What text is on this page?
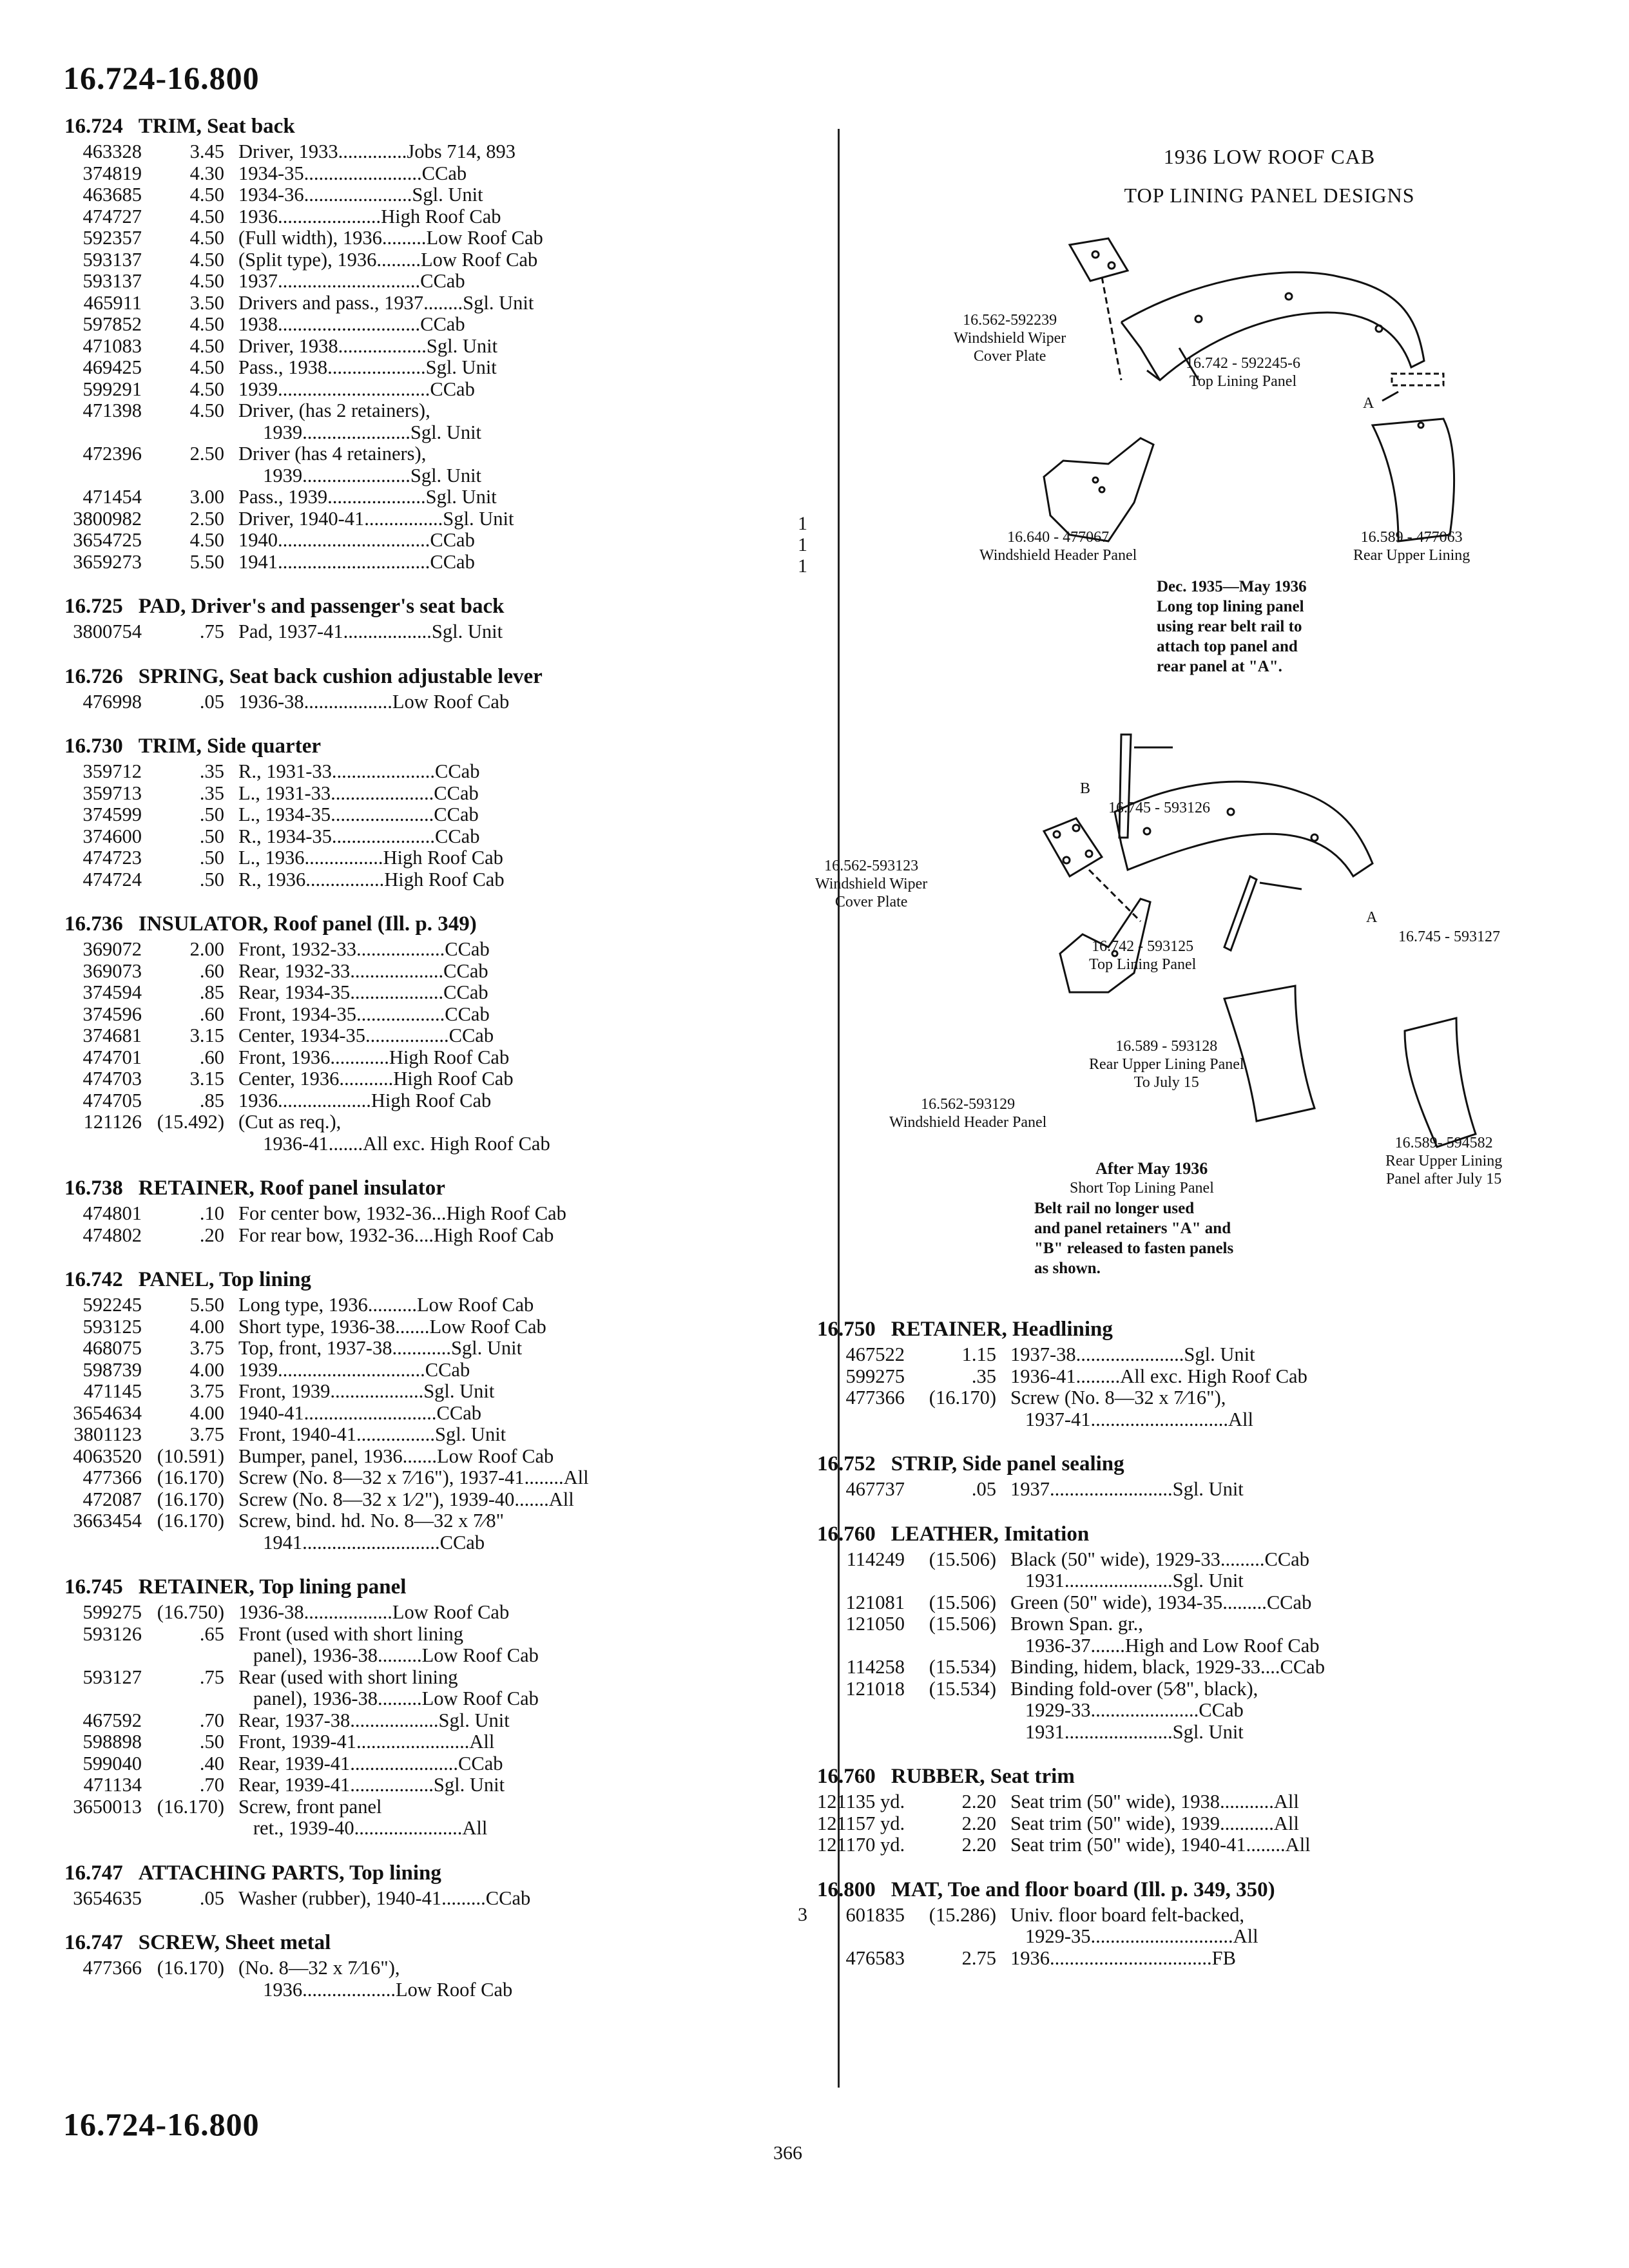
16.724-16.800
16.724 TRIM, Seat back
463328	3.45 Driver, 1933..............Jobs 714, 893
374819	4.30 1934-35........................CCab
463685	4.50 1934-36......................Sgl. Unit
474727	4.50 1936.....................High Roof Cab
592357	4.50 (Full width), 1936.........Low Roof Cab
593137	4.50 (Split type), 1936.........Low Roof Cab
593137	4.50 1937.............................CCab
465911	3.50 Drivers and pass., 1937........Sgl. Unit
597852	4.50 1938.............................CCab
471083	4.50 Driver, 1938..................Sgl. Unit
469425	4.50 Pass., 1938....................Sgl. Unit
599291	4.50 1939...............................CCab
471398	4.50 Driver, (has 2 retainers),
1939......................Sgl. Unit
472396	2.50 Driver (has 4 retainers),
1939......................Sgl. Unit
471454	3.00 Pass., 1939....................Sgl. Unit
3800982	2.50 Driver, 1940-41................Sgl. Unit
3654725	4.50 1940...............................CCab
3659273	5.50 1941...............................CCab
16.725 PAD, Driver's and passenger's seat back
3800754	.75 Pad, 1937-41..................Sgl. Unit
16.726 SPRING, Seat back cushion adjustable lever
476998	.05 1936-38..................Low Roof Cab
16.730 TRIM, Side quarter
359712	.35 R., 1931-33.....................CCab
359713	.35 L., 1931-33.....................CCab
374599	.50 L., 1934-35.....................CCab
374600	.50 R., 1934-35.....................CCab
474723	.50 L., 1936................High Roof Cab
474724	.50 R., 1936................High Roof Cab
16.736 INSULATOR, Roof panel (Ill. p. 349)
369072	2.00 Front, 1932-33..................CCab
369073	.60 Rear, 1932-33...................CCab
374594	.85 Rear, 1934-35...................CCab
374596	.60 Front, 1934-35..................CCab
374681	3.15 Center, 1934-35.................CCab
474701	.60 Front, 1936............High Roof Cab
474703	3.15 Center, 1936...........High Roof Cab
474705	.85 1936...................High Roof Cab
121126 (15.492) (Cut as req.),
1936-41.......All exc. High Roof Cab
16.738 RETAINER, Roof panel insulator
474801	.10 For center bow, 1932-36...High Roof Cab
474802	.20 For rear bow, 1932-36....High Roof Cab
16.742 PANEL, Top lining
592245	5.50 Long type, 1936..........Low Roof Cab
593125	4.00 Short type, 1936-38.......Low Roof Cab
468075	3.75 Top, front, 1937-38............Sgl. Unit
598739	4.00 1939..............................CCab
471145	3.75 Front, 1939...................Sgl. Unit
3654634	4.00 1940-41...........................CCab
3801123	3.75 Front, 1940-41................Sgl. Unit
4063520 (10.591) Bumper, panel, 1936.......Low Roof Cab
477366 (16.170) Screw (No. 8—32 x 7⁄16"), 1937-41........All
472087 (16.170) Screw (No. 8—32 x 1⁄2"), 1939-40.......All
3663454 (16.170) Screw, bind. hd. No. 8—32 x 7⁄8"
1941............................CCab
16.745 RETAINER, Top lining panel
599275 (16.750) 1936-38..................Low Roof Cab
593126	.65 Front (used with short lining
panel), 1936-38.........Low Roof Cab
593127	.75 Rear (used with short lining
panel), 1936-38.........Low Roof Cab
467592	.70 Rear, 1937-38..................Sgl. Unit
598898	.50 Front, 1939-41.......................All
599040	.40 Rear, 1939-41......................CCab
471134	.70 Rear, 1939-41.................Sgl. Unit
3650013 (16.170) Screw, front panel
ret., 1939-40......................All
16.747 ATTACHING PARTS, Top lining
3654635	.05 Washer (rubber), 1940-41.........CCab
16.747 SCREW, Sheet metal
477366 (16.170) (No. 8—32 x 7⁄16"),
1936...................Low Roof Cab
16.750 RETAINER, Headlining
467522	1.15 1937-38......................Sgl. Unit
599275	.35 1936-41.........All exc. High Roof Cab
477366	(16.170) Screw (No. 8—32 x 7⁄16"),
1937-41............................All
16.752 STRIP, Side panel sealing
467737	.05 1937.........................Sgl. Unit
16.760 LEATHER, Imitation
114249	(15.506) Black (50" wide), 1929-33.........CCab
1931......................Sgl. Unit
121081	(15.506) Green (50" wide), 1934-35.........CCab
121050	(15.506) Brown Span. gr.,
1936-37.......High and Low Roof Cab
114258	(15.534) Binding, hidem, black, 1929-33....CCab
121018	(15.534) Binding fold-over (5⁄8", black),
1929-33......................CCab
1931......................Sgl. Unit
16.760 RUBBER, Seat trim
121135 yd.	2.20 Seat trim (50" wide), 1938...........All
121157 yd.	2.20 Seat trim (50" wide), 1939...........All
121170 yd.	2.20 Seat trim (50" wide), 1940-41........All
16.800 MAT, Toe and floor board (Ill. p. 349, 350)
601835	(15.286) Univ. floor board felt-backed,
1929-35.............................All
476583	2.75 1936.................................FB
1
1
1
3
1936 LOW ROOF CAB
TOP LINING PANEL DESIGNS
16.562-592239
Windshield Wiper
Cover Plate	16.742 - 592245-6
Top Lining Panel
A
16.640 - 477067
Windshield Header Panel
16.589 - 477063
Rear Upper Lining
Dec. 1935—May 1936
Long top lining panel
using rear belt rail to
attach top panel and
rear panel at "A".
B
16.745 - 593126
16.562-593123
Windshield Wiper
Cover Plate
16.742 - 593125
Top Lining Panel
A
16.745 - 593127
16.589 - 593128
Rear Upper Lining Panel
To July 15
16.562-593129
Windshield Header Panel
16.589- 594582
Rear Upper Lining
Panel after July 15
After May 1936
Short Top Lining Panel
Belt rail no longer used
and panel retainers "A" and
"B" released to fasten panels
as shown.
16.724-16.800
366
